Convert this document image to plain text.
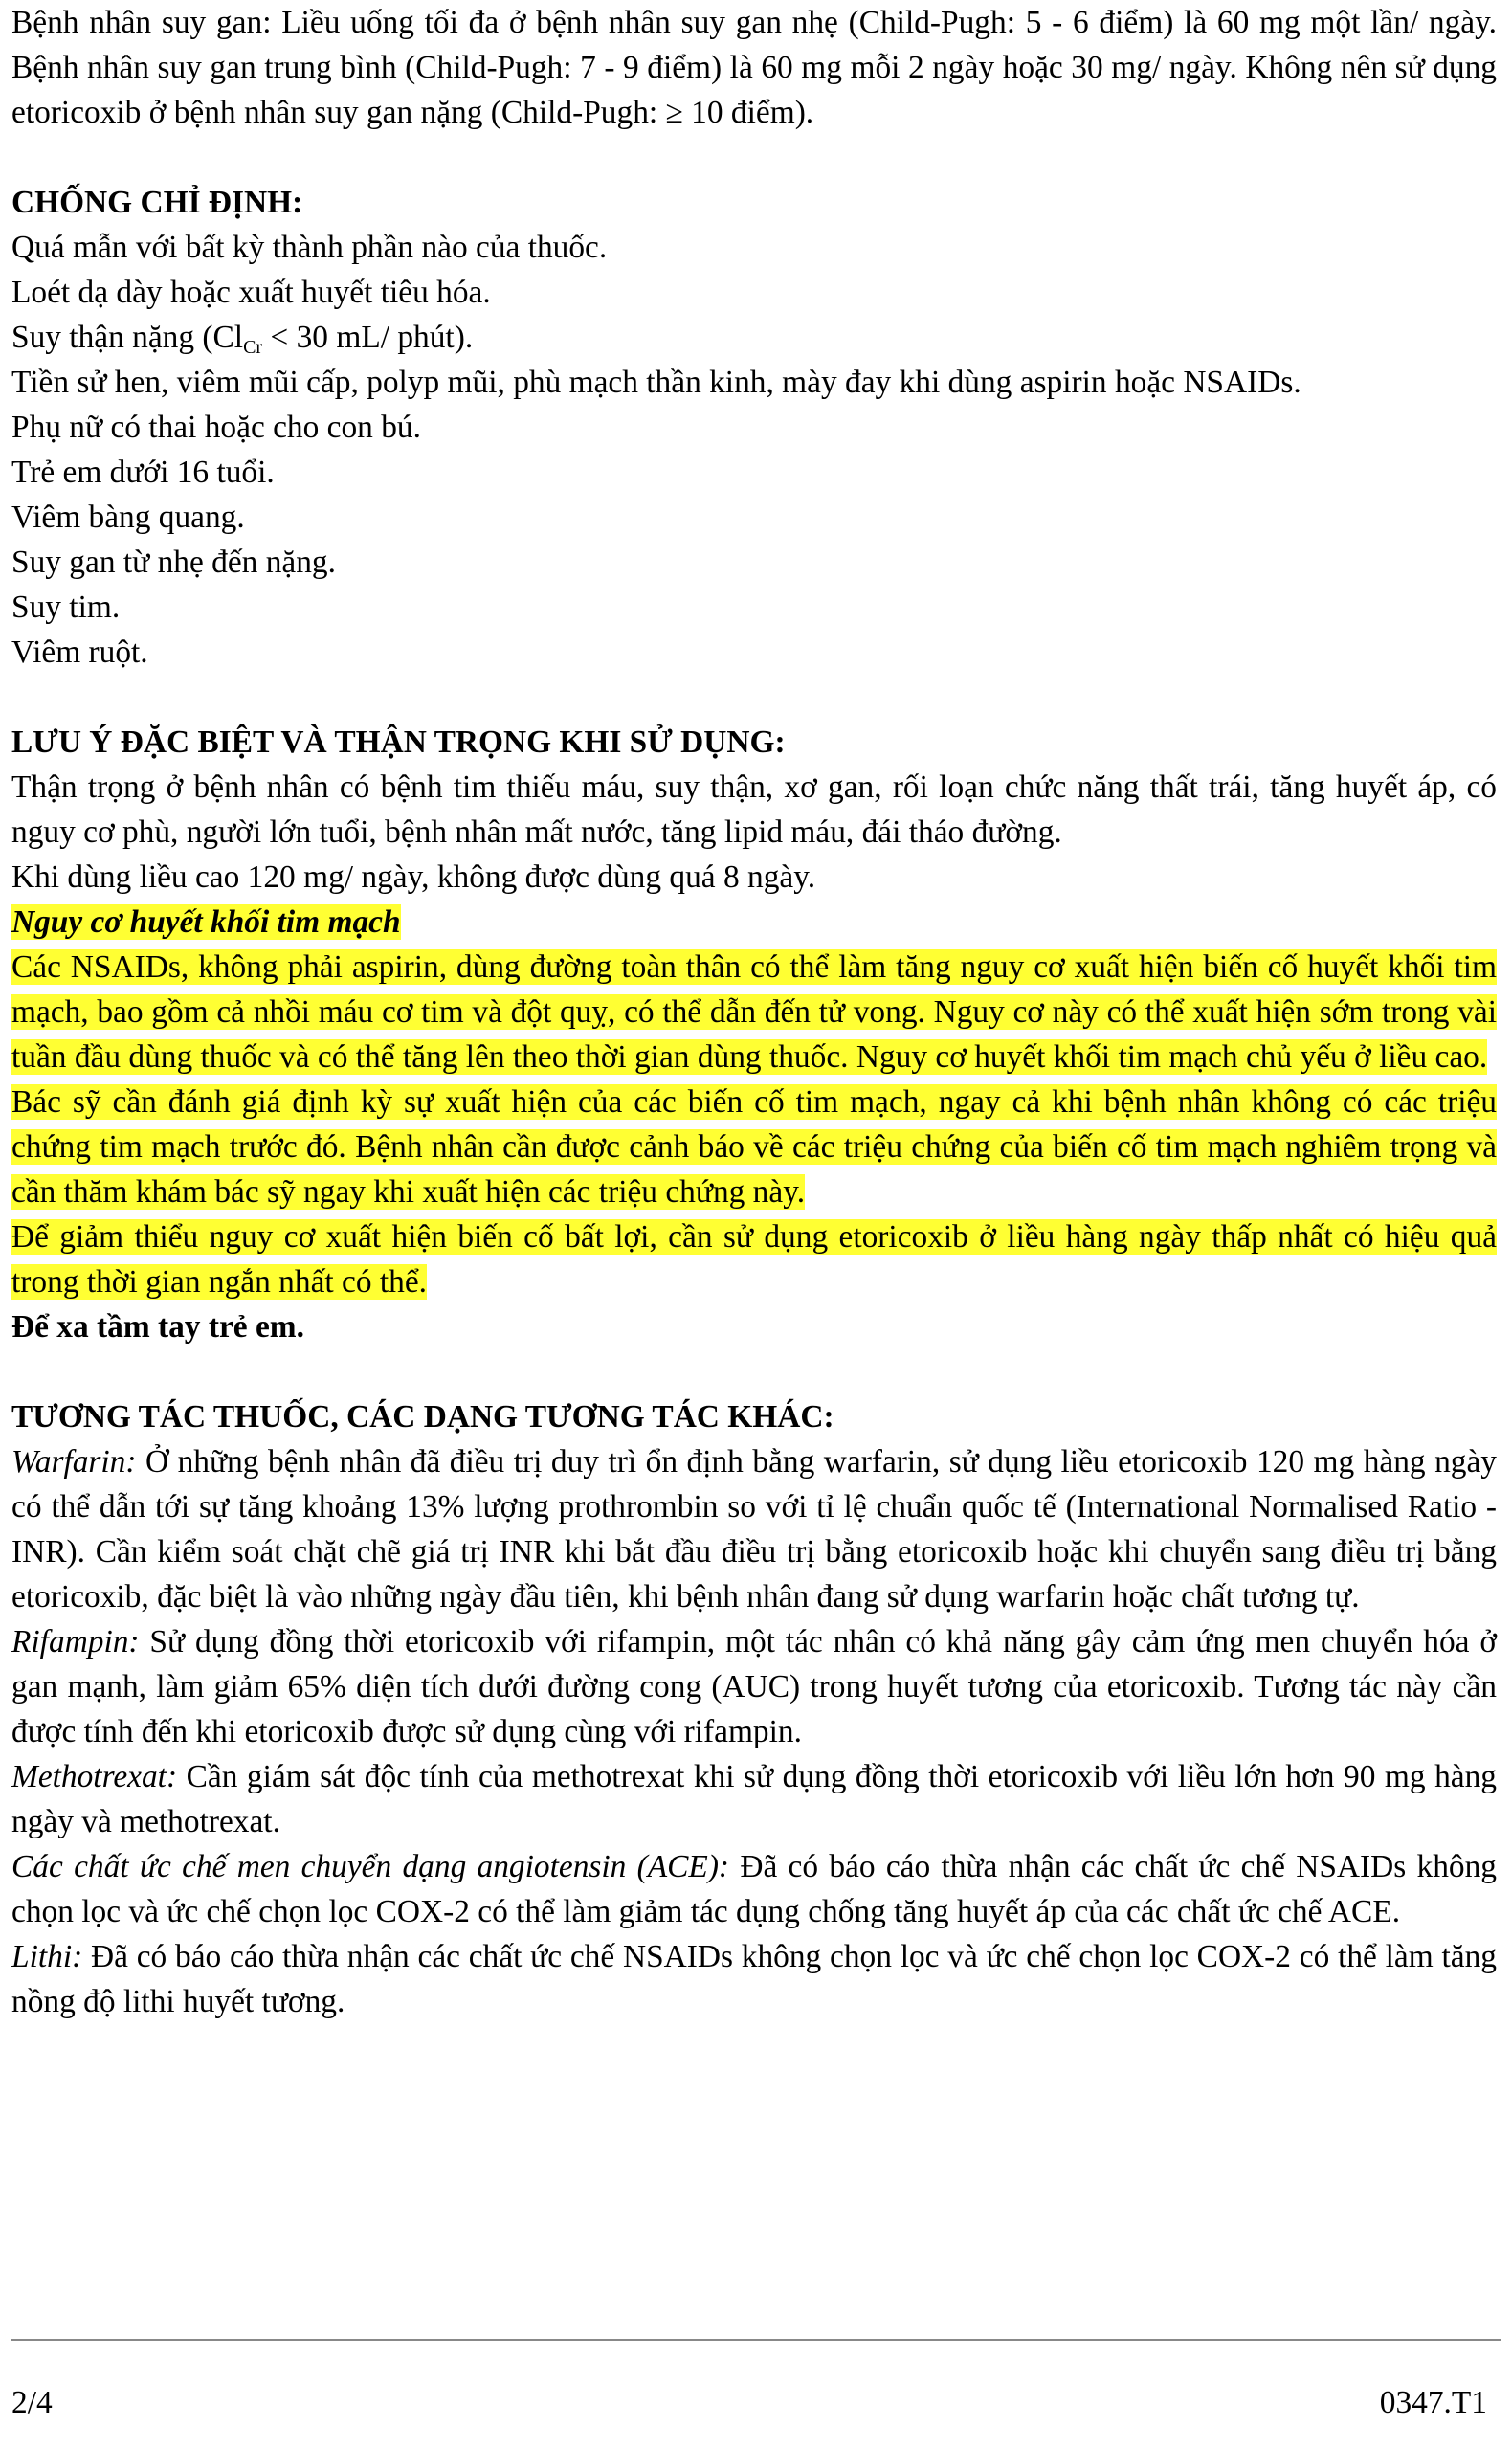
Bệnh nhân suy gan: Liều uống tối đa ở bệnh nhân suy gan nhẹ (Child-Pugh: 5 - 6 điểm) là 60 mg một lần/ ngày. Bệnh nhân suy gan trung bình (Child-Pugh: 7 - 9 điểm) là 60 mg mỗi 2 ngày hoặc 30 mg/ ngày. Không nên sử dụng etoricoxib ở bệnh nhân suy gan nặng (Child-Pugh: ≥ 10 điểm).

CHỐNG CHỈ ĐỊNH:

Quá mẫn với bất kỳ thành phần nào của thuốc.

Loét dạ dày hoặc xuất huyết tiêu hóa.

Suy thận nặng ($Cl_{Cr} < 30$ mL/ phút).

Tiền sử hen, viêm mũi cấp, polyp mũi, phù mạch thần kinh, mày đay khi dùng aspirin hoặc NSAIDs.

Phụ nữ có thai hoặc cho con bú.

Trẻ em dưới 16 tuổi.

Viêm bàng quang.

Suy gan từ nhẹ đến nặng.

Suy tim.

Viêm ruột.

LƯU Ý ĐẶC BIỆT VÀ THẬN TRỌNG KHI SỬ DỤNG:

Thận trọng ở bệnh nhân có bệnh tim thiếu máu, suy thận, xơ gan, rối loạn chức năng thất trái, tăng huyết áp, có nguy cơ phù, người lớn tuổi, bệnh nhân mất nước, tăng lipid máu, đái tháo đường.

Khi dùng liều cao 120 mg/ ngày, không được dùng quá 8 ngày.

Nguy cơ huyết khối tim mạch

Các NSAIDs, không phải aspirin, dùng đường toàn thân có thể làm tăng nguy cơ xuất hiện biến cố huyết khối tim mạch, bao gồm cả nhồi máu cơ tim và đột quỵ, có thể dẫn đến tử vong. Nguy cơ này có thể xuất hiện sớm trong vài tuần đầu dùng thuốc và có thể tăng lên theo thời gian dùng thuốc. Nguy cơ huyết khối tim mạch chủ yếu ở liều cao.

Bác sỹ cần đánh giá định kỳ sự xuất hiện của các biến cố tim mạch, ngay cả khi bệnh nhân không có các triệu chứng tim mạch trước đó. Bệnh nhân cần được cảnh báo về các triệu chứng của biến cố tim mạch nghiêm trọng và cần thăm khám bác sỹ ngay khi xuất hiện các triệu chứng này.

Để giảm thiểu nguy cơ xuất hiện biến cố bất lợi, cần sử dụng etoricoxib ở liều hàng ngày thấp nhất có hiệu quả trong thời gian ngắn nhất có thể.

Để xa tầm tay trẻ em.

TƯƠNG TÁC THUỐC, CÁC DẠNG TƯƠNG TÁC KHÁC:

Warfarin: Ở những bệnh nhân đã điều trị duy trì ổn định bằng warfarin, sử dụng liều etoricoxib 120 mg hàng ngày có thể dẫn tới sự tăng khoảng 13% lượng prothrombin so với tỉ lệ chuẩn quốc tế (International Normalised Ratio - INR). Cần kiểm soát chặt chẽ giá trị INR khi bắt đầu điều trị bằng etoricoxib hoặc khi chuyển sang điều trị bằng etoricoxib, đặc biệt là vào những ngày đầu tiên, khi bệnh nhân đang sử dụng warfarin hoặc chất tương tự.

Rifampin: Sử dụng đồng thời etoricoxib với rifampin, một tác nhân có khả năng gây cảm ứng men chuyển hóa ở gan mạnh, làm giảm 65% diện tích dưới đường cong (AUC) trong huyết tương của etoricoxib. Tương tác này cần được tính đến khi etoricoxib được sử dụng cùng với rifampin.

Methotrexat: Cần giám sát độc tính của methotrexat khi sử dụng đồng thời etoricoxib với liều lớn hơn 90 mg hàng ngày và methotrexat.

Các chất ức chế men chuyển dạng angiotensin (ACE): Đã có báo cáo thừa nhận các chất ức chế NSAIDs không chọn lọc và ức chế chọn lọc COX-2 có thể làm giảm tác dụng chống tăng huyết áp của các chất ức chế ACE.

Lithi: Đã có báo cáo thừa nhận các chất ức chế NSAIDs không chọn lọc và ức chế chọn lọc COX-2 có thể làm tăng nồng độ lithi huyết tương.

2/4	0347.T1
